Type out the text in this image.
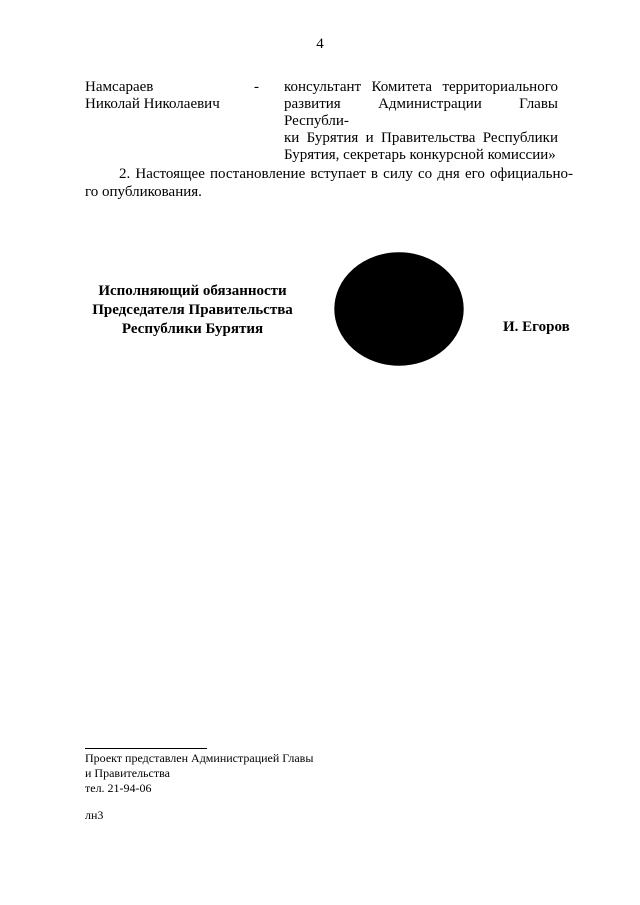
4
Намсараев
Николай Николаевич
- консультант Комитета территориального
развития Администрации Главы Республи-
ки Бурятия и Правительства Республики
Бурятия, секретарь конкурсной комиссии»
2. Настоящее постановление вступает в силу со дня его официально-
го опубликования.
Исполняющий обязанности
Председателя Правительства
Республики Бурятия
АДМИНИСТРАЦИЯ ГЛАВЫ И ПРАВИТЕЛЬСТВА РЕСПУБЛИКИ БУРЯТИЯ
Отдел по
организации
выпуска
правовых
актов	И. Егоров
Проект представлен Администрацией Главы
и Правительства
тел. 21-94-06
лн3
